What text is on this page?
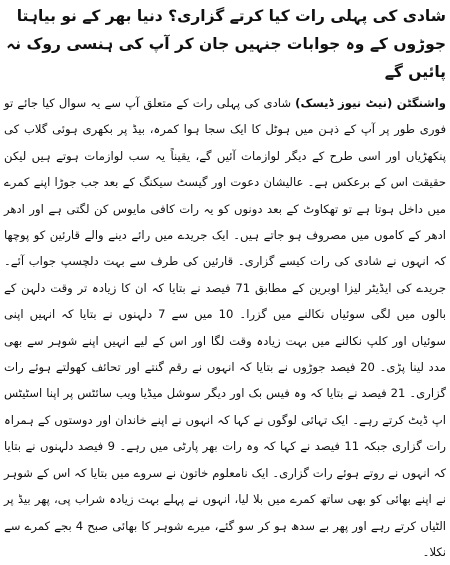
شادی کی پہلی رات کیا کرتے گزاری؟ دنیا بھر کے نو بیاہتا جوڑوں کے وہ جوابات جنہیں جان کر آپ کی ہنسی روک نہ پائیں گے

واشنگٹن (نیٹ نیوز ڈیسک) شادی کی پہلی رات کے متعلق آپ سے یہ سوال کیا جائے تو فوری طور پر آپ کے ذہن میں ہوٹل کا ایک سجا ہوا کمرہ، بیڈ پر بکھری ہوئی گلاب کی پنکھڑیاں اور اسی طرح کے دیگر لوازمات آئیں گے، یقیناً یہ سب لوازمات ہوتے ہیں لیکن حقیقت اس کے برعکس ہے۔ عالیشان دعوت اور گیسٹ سیکنگ کے بعد جب جوڑا اپنے کمرے میں داخل ہوتا ہے تو تھکاوٹ کے بعد دونوں کو یہ رات کافی مایوس کن لگتی ہے اور ادھر ادھر کے کاموں میں مصروف ہو جاتے ہیں۔ ایک جریدے میں رائے دینے والے قارئین کو پوچھا کہ انہوں نے شادی کی رات کیسے گزاری۔ قارئین کی طرف سے بہت دلچسپ جواب آئے۔ جریدے کی ایڈیٹر لیزا اوبرین کے مطابق 71 فیصد نے بتایا کہ ان کا زیادہ تر وقت دلہن کے بالوں میں لگی سوئیاں نکالنے میں گزرا۔ 10 میں سے 7 دلہنوں نے بتایا کہ انہیں اپنی سوئیاں اور کلپ نکالنے میں بہت زیادہ وقت لگا اور اس کے لیے انہیں اپنے شوہر سے بھی مدد لینا پڑی۔ 20 فیصد جوڑوں نے بتایا کہ انہوں نے رقم گنتے اور تحائف کھولتے ہوئے رات گزاری۔ 21 فیصد نے بتایا کہ وہ فیس بک اور دیگر سوشل میڈیا ویب سائٹس پر اپنا اسٹیٹس اپ ڈیٹ کرتے رہے۔ ایک تہائی لوگوں نے کہا کہ انہوں نے اپنے خاندان اور دوستوں کے ہمراہ رات گزاری جبکہ 11 فیصد نے کہا کہ وہ رات بھر پارٹی میں رہے۔ 9 فیصد دلہنوں نے بتایا کہ انہوں نے روتے ہوئے رات گزاری۔ ایک نامعلوم خاتون نے سروے میں بتایا کہ اس کے شوہر نے اپنے بھائی کو بھی ساتھ کمرے میں بلا لیا، انہوں نے پہلے بہت زیادہ شراب پی، پھر بیڈ پر الٹیاں کرتے رہے اور پھر بے سدھ ہو کر سو گئے، میرے شوہر کا بھائی صبح 4 بجے کمرے سے نکلا۔
